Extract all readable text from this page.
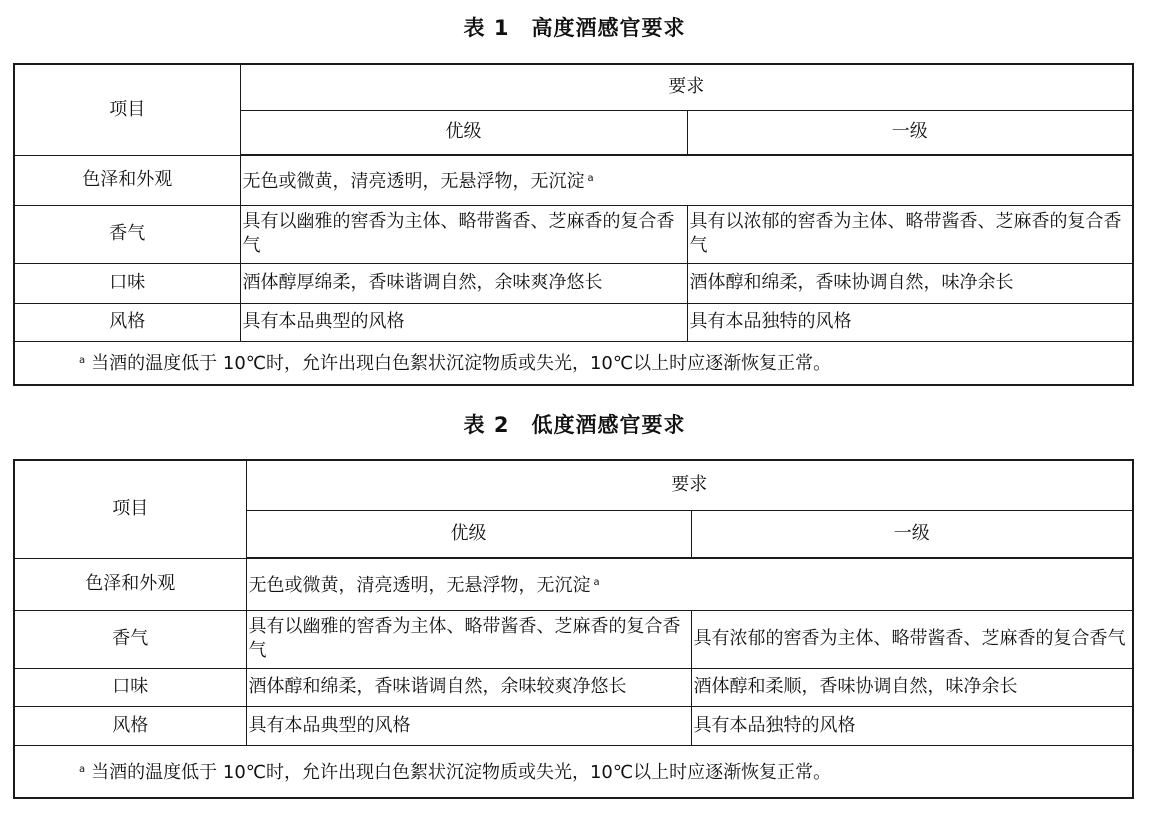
表 1 高度酒感官要求
项目	要求	
	优级	一级
色泽和外观	无色或微黄，清亮透明，无悬浮物，无沉淀 $^a$
香气	具有以幽雅的窖香为主体、略带酱香、芝麻香的复合香气	具有以浓郁的窖香为主体、略带酱香、芝麻香的复合香气
口味	酒体醇厚绵柔，香味谐调自然，余味爽净悠长	酒体醇和绵柔，香味协调自然，味净余长
风格	具有本品典型的风格	具有本品独特的风格
$^a$ 当酒的温度低于 10℃时，允许出现白色絮状沉淀物质或失光，10℃以上时应逐渐恢复正常。		
表 2 低度酒感官要求
项目	要求	
	优级	一级
色泽和外观	无色或微黄，清亮透明，无悬浮物，无沉淀 $^a$
香气	具有以幽雅的窖香为主体、略带酱香、芝麻香的复合香气	具有浓郁的窖香为主体、略带酱香、芝麻香的复合香气
口味	酒体醇和绵柔，香味谐调自然，余味较爽净悠长	酒体醇和柔顺，香味协调自然，味净余长
风格	具有本品典型的风格	具有本品独特的风格
$^a$ 当酒的温度低于 10℃时，允许出现白色絮状沉淀物质或失光，10℃以上时应逐渐恢复正常。		
